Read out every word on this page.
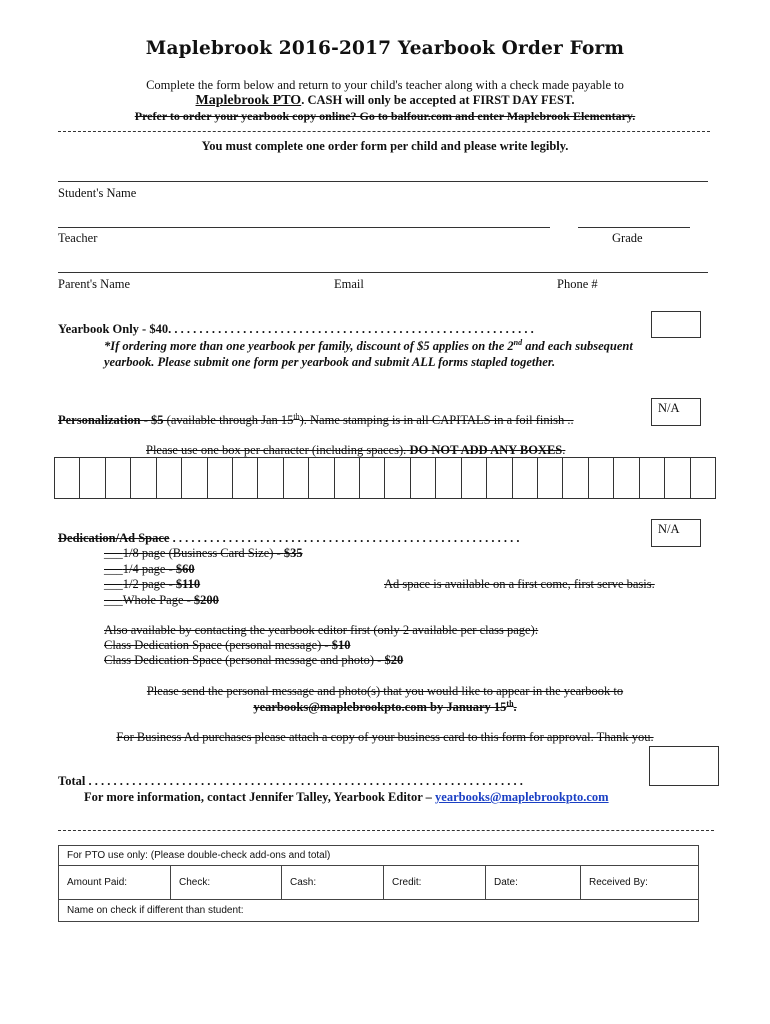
Maplebrook 2016-2017 Yearbook Order Form
Complete the form below and return to your child's teacher along with a check made payable to
Maplebrook PTO. CASH will only be accepted at FIRST DAY FEST.
Prefer to order your yearbook copy online? Go to balfour.com and enter Maplebrook Elementary.
You must complete one order form per child and please write legibly.
Student's Name
Teacher	Grade
Parent's Name	Email	Phone #
Yearbook Only - $40. . . . . . . . . . . . . . . . . . . . . . . . . . . . . . . . . . . . . . . . . . . . . . . . . . . . . . . . . . .
*If ordering more than one yearbook per family, discount of $5 applies on the 2nd and each subsequent yearbook. Please submit one form per yearbook and submit ALL forms stapled together.
Personalization - $5 (available through Jan 15th). Name stamping is in all CAPITALS in a foil finish ..
N/A
Please use one box per character (including spaces). DO NOT ADD ANY BOXES.
Dedication/Ad Space . . . . . . . . . . . . . . . . . . . . . . . . . . . . . . . . . . . . . . . . . . . . . . . . . . . . . . . .
N/A
___1/8 page (Business Card Size) - $35
___1/4 page - $60
___1/2 page - $110
___Whole Page - $200
Ad space is available on a first come, first serve basis.
Also available by contacting the yearbook editor first (only 2 available per class page):
Class Dedication Space (personal message) - $10
Class Dedication Space (personal message and photo) - $20
Please send the personal message and photo(s) that you would like to appear in the yearbook to
yearbooks@maplebrookpto.com by January 15th.
For Business Ad purchases please attach a copy of your business card to this form for approval. Thank you.
Total . . . . . . . . . . . . . . . . . . . . . . . . . . . . . . . . . . . . . . . . . . . . . . . . . . . . . . . . . . . . . . . . . . . . . .
For more information, contact Jennifer Talley, Yearbook Editor – yearbooks@maplebrookpto.com
For PTO use only: (Please double-check add-ons and total)
Amount Paid:	Check:	Cash:	Credit:	Date:	Received By:
Name on check if different than student:
